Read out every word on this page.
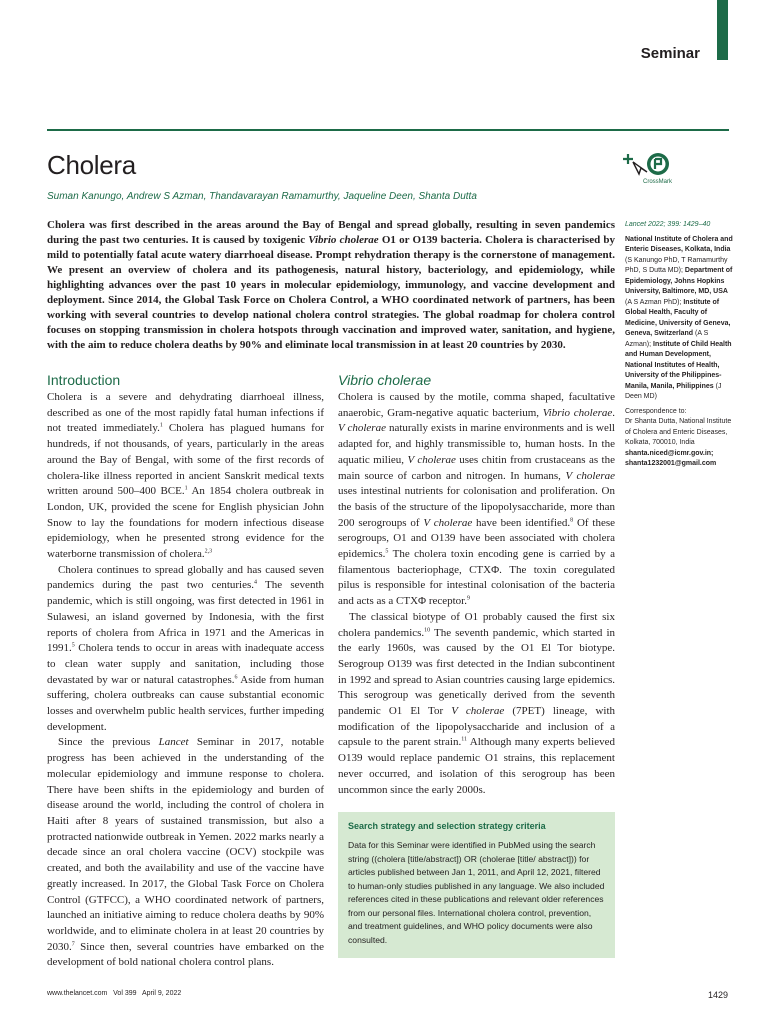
Seminar
Cholera
Suman Kanungo, Andrew S Azman, Thandavarayan Ramamurthy, Jaqueline Deen, Shanta Dutta
CrossMark

Cholera was first described in the areas around the Bay of Bengal and spread globally, resulting in seven pandemics during the past two centuries. It is caused by toxigenic Vibrio cholerae O1 or O139 bacteria. Cholera is characterised by mild to potentially fatal acute watery diarrhoeal disease. Prompt rehydration therapy is the cornerstone of management. We present an overview of cholera and its pathogenesis, natural history, bacteriology, and epidemiology, while highlighting advances over the past 10 years in molecular epidemiology, immunology, and vaccine development and deployment. Since 2014, the Global Task Force on Cholera Control, a WHO coordinated network of partners, has been working with several countries to develop national cholera control strategies. The global roadmap for cholera control focuses on stopping transmission in cholera hotspots through vaccination and improved water, sanitation, and hygiene, with the aim to reduce cholera deaths by 90% and eliminate local transmission in at least 20 countries by 2030.

Introduction

Cholera is a severe and dehydrating diarrhoeal illness, described as one of the most rapidly fatal human infections if not treated immediately.$^1$ Cholera has plagued humans for hundreds, if not thousands, of years, particularly in the areas around the Bay of Bengal, with some of the first records of cholera-like illness reported in ancient Sanskrit medical texts written around 500–400 BCE.$^1$ An 1854 cholera outbreak in London, UK, provided the scene for English physician John Snow to lay the foundations for modern infectious disease epidemiology, when he presented strong evidence for the waterborne transmission of cholera.$^{2,3}$

Cholera continues to spread globally and has caused seven pandemics during the past two centuries.$^4$ The seventh pandemic, which is still ongoing, was first detected in 1961 in Sulawesi, an island governed by Indonesia, with the first reports of cholera from Africa in 1971 and the Americas in 1991.$^5$ Cholera tends to occur in areas with inadequate access to clean water supply and sanitation, including those devastated by war or natural catastrophes.$^6$ Aside from human suffering, cholera outbreaks can cause substantial economic losses and overwhelm public health services, further impeding development.

Since the previous Lancet Seminar in 2017, notable progress has been achieved in the understanding of the molecular epidemiology and immune response to cholera. There have been shifts in the epidemiology and burden of disease around the world, including the control of cholera in Haiti after 8 years of sustained transmission, but also a protracted nationwide outbreak in Yemen. 2022 marks nearly a decade since an oral cholera vaccine (OCV) stockpile was created, and both the availability and use of the vaccine have greatly increased. In 2017, the Global Task Force on Cholera Control (GTFCC), a WHO coordinated network of partners, launched an initiative aiming to reduce cholera deaths by 90% worldwide, and to eliminate cholera in at least 20 countries by 2030.$^7$ Since then, several countries have embarked on the development of bold national cholera control plans.

Vibrio cholerae

Cholera is caused by the motile, comma shaped, facultative anaerobic, Gram-negative aquatic bacterium, Vibrio cholerae. V cholerae naturally exists in marine environments and is well adapted for, and highly transmissible to, human hosts. In the aquatic milieu, V cholerae uses chitin from crustaceans as the main source of carbon and nitrogen. In humans, V cholerae uses intestinal nutrients for colonisation and proliferation. On the basis of the structure of the lipopolysaccharide, more than 200 serogroups of V cholerae have been identified.$^8$ Of these serogroups, O1 and O139 have been associated with cholera epidemics.$^5$ The cholera toxin encoding gene is carried by a filamentous bacteriophage, CTXΦ. The toxin coregulated pilus is responsible for intestinal colonisation of the bacteria and acts as a CTXΦ receptor.$^9$

The classical biotype of O1 probably caused the first six cholera pandemics.$^{10}$ The seventh pandemic, which started in the early 1960s, was caused by the O1 El Tor biotype. Serogroup O139 was first detected in the Indian subcontinent in 1992 and spread to Asian countries causing large epidemics. This serogroup was genetically derived from the seventh pandemic O1 El Tor V cholerae (7PET) lineage, with modification of the lipopolysaccharide and inclusion of a capsule to the parent strain.$^{11}$ Although many experts believed O139 would replace pandemic O1 strains, this replacement never occurred, and isolation of this serogroup has been uncommon since the early 2000s.

Search strategy and selection strategy criteria
Data for this Seminar were identified in PubMed using the search string ((cholera [title/abstract]) OR (cholerae [title/ abstract])) for articles published between Jan 1, 2011, and April 12, 2021, filtered to human-only studies published in any language. We also included references cited in these publications and relevant older references from our personal files. International cholera control, prevention, and treatment guidelines, and WHO policy documents were also consulted.

Lancet 2022; 399: 1429–40

National Institute of Cholera and Enteric Diseases, Kolkata, India (S Kanungo PhD, T Ramamurthy PhD, S Dutta MD); Department of Epidemiology, Johns Hopkins University, Baltimore, MD, USA (A S Azman PhD); Institute of Global Health, Faculty of Medicine, University of Geneva, Geneva, Switzerland (A S Azman); Institute of Child Health and Human Development, National Institutes of Health, University of the Philippines-Manila, Manila, Philippines (J Deen MD)

Correspondence to:
Dr Shanta Dutta, National Institute of Cholera and Enteric Diseases, Kolkata, 700010, India
shanta.niced@icmr.gov.in; shanta1232001@gmail.com

www.thelancet.com   Vol 399   April 9, 2022	1429
